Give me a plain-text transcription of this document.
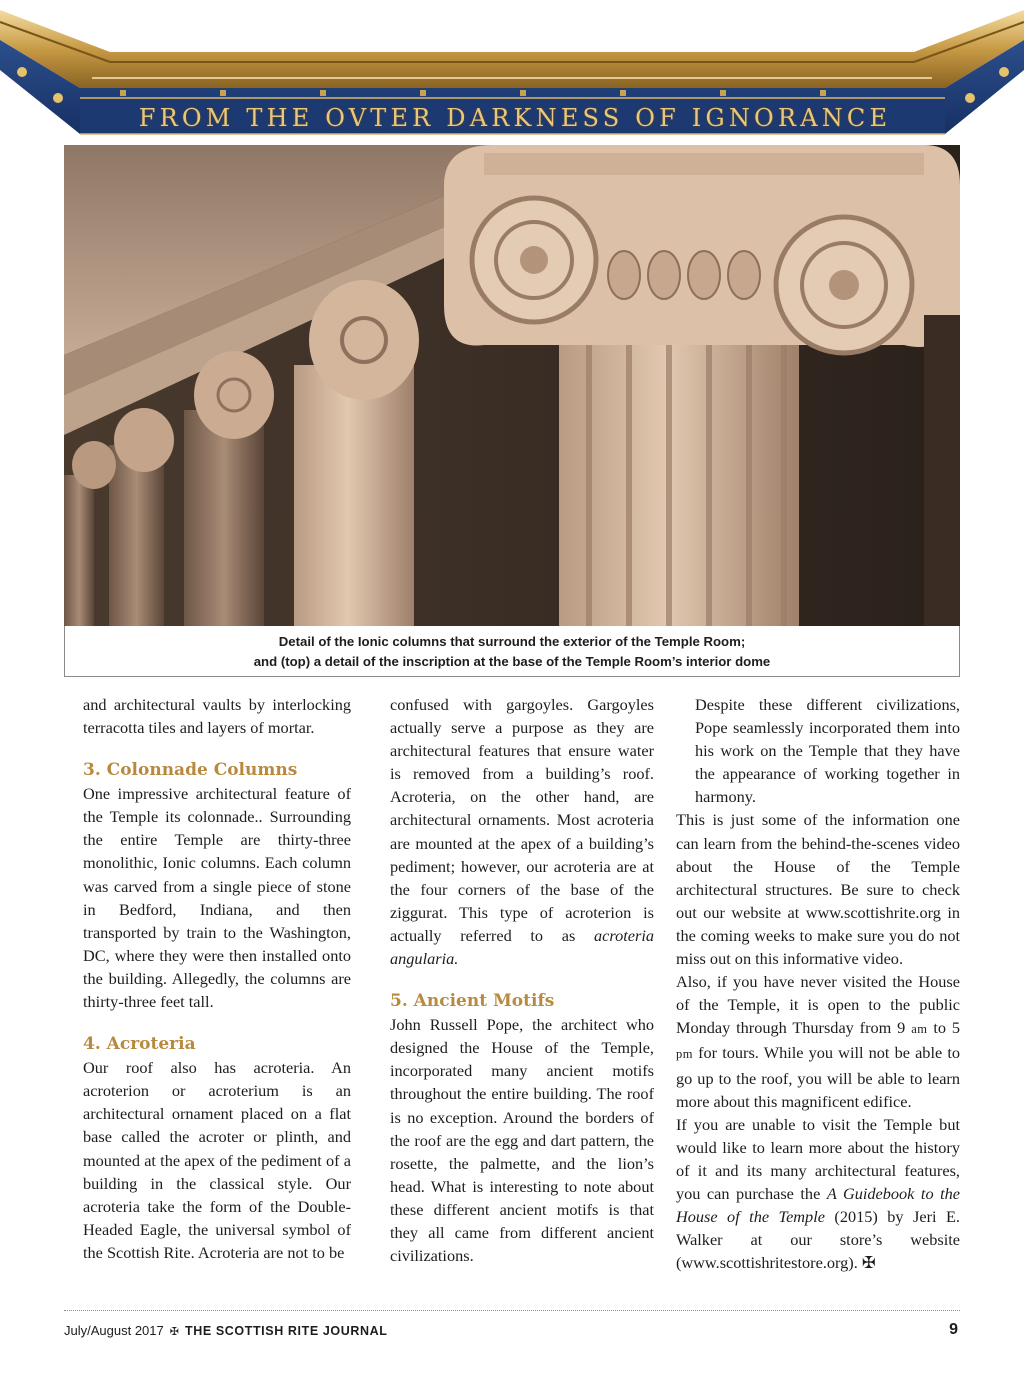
FROM THE OVTER DARKNESS OF IGNORANCE
Detail of the Ionic columns that surround the exterior of the Temple Room;
and (top) a detail of the inscription at the base of the Temple Room’s interior dome

and architectural vaults by interlocking terracotta tiles and layers of mortar.

3. Colonnade Columns

One impressive architectural feature of the Temple its colonnade.. Surrounding the entire Temple are thirty-three monolithic, Ionic columns. Each column was carved from a single piece of stone in Bedford, Indiana, and then transported by train to the Washington, DC, where they were then installed onto the building. Allegedly, the columns are thirty-three feet tall.

4. Acroteria

Our roof also has acroteria. An acroterion or acroterium is an architectural ornament placed on a flat base called the acroter or plinth, and mounted at the apex of the pediment of a building in the classical style. Our acroteria take the form of the Double-Headed Eagle, the universal symbol of the Scottish Rite. Acroteria are not to be

confused with gargoyles. Gargoyles actually serve a purpose as they are architectural features that ensure water is removed from a building’s roof. Acroteria, on the other hand, are architectural ornaments. Most acroteria are mounted at the apex of a building’s pediment; however, our acroteria are at the four corners of the base of the ziggurat. This type of acroterion is actually referred to as acroteria angularia.

5. Ancient Motifs

John Russell Pope, the architect who designed the House of the Temple, incorporated many ancient motifs throughout the entire building. The roof is no exception. Around the borders of the roof are the egg and dart pattern, the rosette, the palmette, and the lion’s head. What is interesting to note about these different ancient motifs is that they all came from different ancient civilizations.

Despite these different civilizations, Pope seamlessly incorporated them into his work on the Temple that they have the appearance of working together in harmony.

This is just some of the information one can learn from the behind-the-scenes video about the House of the Temple architectural structures. Be sure to check out our website at www.scottishrite.org in the coming weeks to make sure you do not miss out on this informative video.

Also, if you have never visited the House of the Temple, it is open to the public Monday through Thursday from 9 am to 5 pm for tours. While you will not be able to go up to the roof, you will be able to learn more about this magnificent edifice.

If you are unable to visit the Temple but would like to learn more about the history of it and its many architectural features, you can purchase the A Guidebook to the House of the Temple (2015) by Jeri E. Walker at our store’s website (www.scottishritestore.org). ✠

July/August 2017 ✠ THE SCOTTISH RITE JOURNAL	9
